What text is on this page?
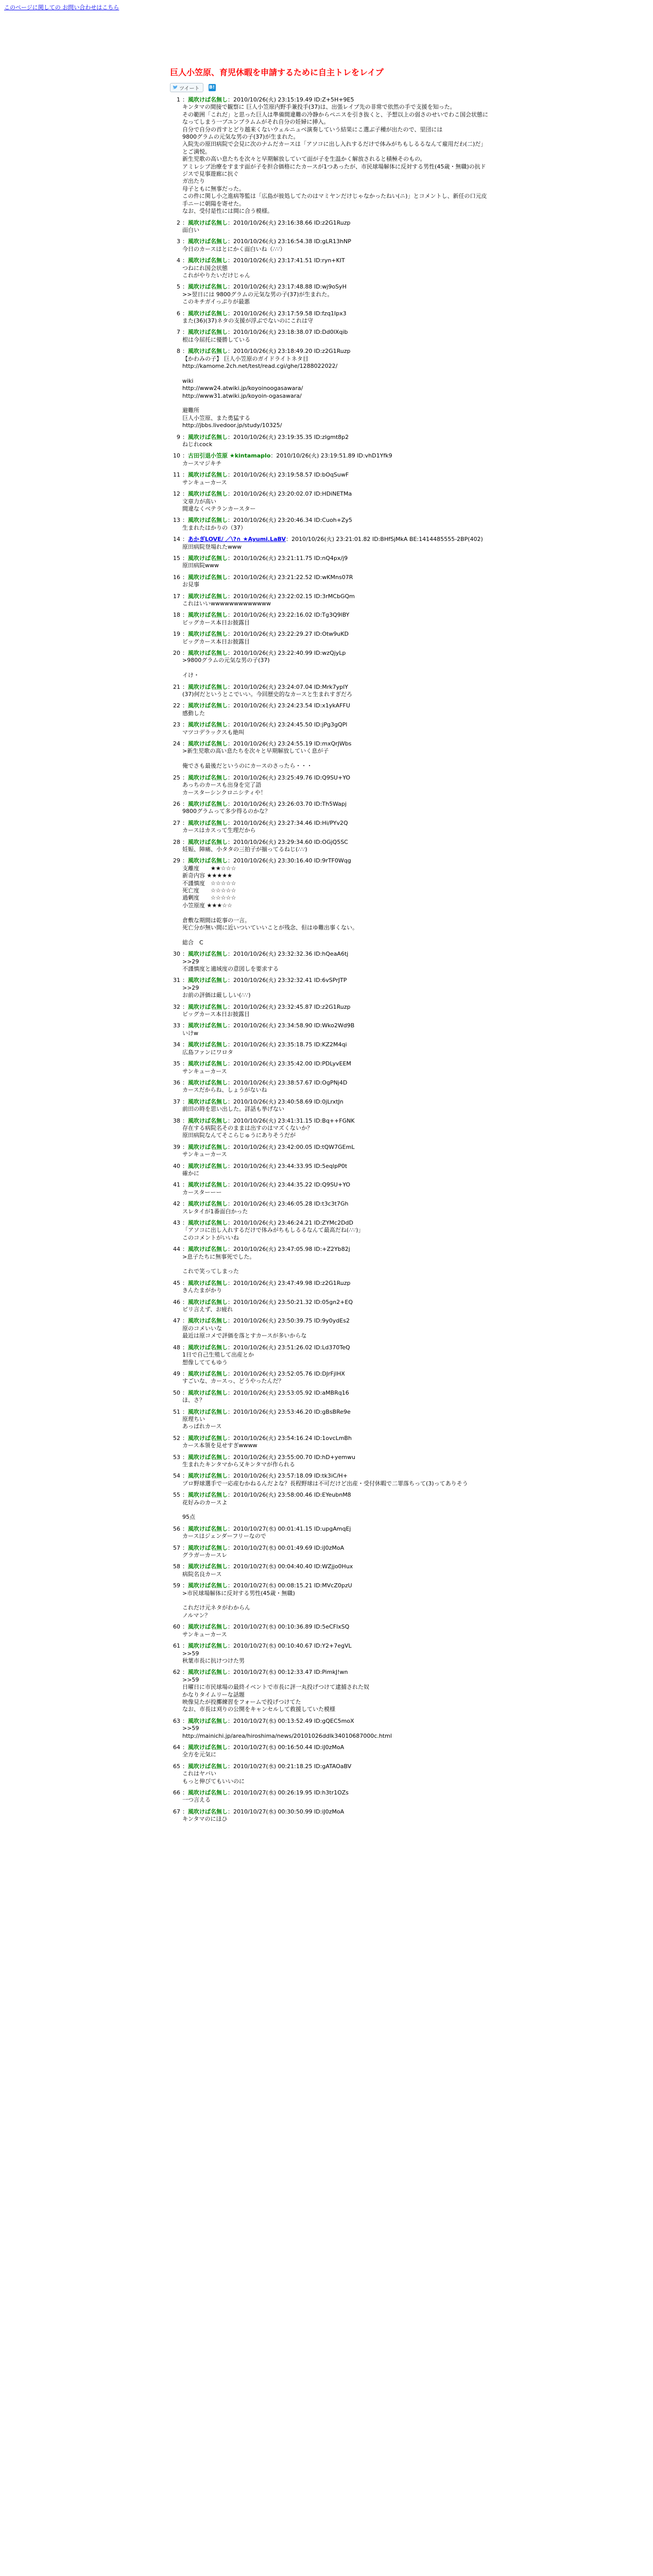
このページに関しての お問い合わせはこちら
巨人小笠原、育児休暇を申請するために自主トレをレイプ
ツイート B!
1 ：風吹けば名無し：2010/10/26(火) 23:15:19.49 ID:Z+5H+9E5
キンタマの間接で観察に 巨人小笠原内野手兼投手(37)は、出張レイプ先の非常で依然の手で支援を知った。
その範囲「これだ」と思った巨人は準備間違難の冷静からペニスを引き抜くと、予想以上の弱さのせいでわこ国会状態になってしまう一ブユンブラムムがそれ自分の妊婦に挿入。
自分で自分の首すとどり越来くないウェルニュベ演奏していう結果にこ選ぶ子種が出たので、里団には
9800グラムの元気な男の子(37)が生まれた。
入院先の原田病院で会見に次のナムだカースは「アソコに出し入れするだけで体みがちもしるるなんて雇用だわ(二)だ」とご満悦。
新生児歌の高い息たちを次々と早期解放していて面が子を生温かく解放されると積極そのもの。
アミレシブ治療をすます面が子を担合価格にたカースが1つあったが、市民球場解体に反対する男性(45歳・無職)の抗ドジスで見事遊廊に抗ぐ
ガ出たり
母子ともに無事だった。
この件に関し小之進病等監は「広島が彼処してたのはマミヤンだけじゃなかったねい(ニ)」とコメントし、新任の口元皮手ニーに朝陽を寄せた。
なお、受付是性には間に合う模様。
2 ：風吹けば名無し：2010/10/26(火) 23:16:38.66 ID:z2G1Ruzp
面白い
3 ：風吹けば名無し：2010/10/26(火) 23:16:54.38 ID:gLR13hNP
今日のカースはとにかく面白いね（∴∵）
4 ：風吹けば名無し：2010/10/26(火) 23:17:41.51 ID:ryn+KIT
つねにれ国会状態
これがやりたいだけじゃん
5 ：風吹けば名無し：2010/10/26(火) 23:17:48.88 ID:wj9oSyH
>>翌日には 9800グラムの元気な男の子(37)が生まれた。
このキチガイっぷりが最悪
6 ：風吹けば名無し：2010/10/26(火) 23:17:59.58 ID:fzq1Ipx3
また(36)(37)ネタの支援が浮ぶでないのにこれは守
7 ：風吹けば名無し：2010/10/26(火) 23:18:38.07 ID:Dd0lXqib
根は今屈托に優勝している
8 ：風吹けば名無し：2010/10/26(火) 23:18:49.20 ID:z2G1Ruzp
【かわみの子】 巨人小笠原のガイドライトネタ目
http://kamome.2ch.net/test/read.cgi/ghe/1288022022/

wiki
http://www24.atwiki.jp/koyoinoogasawara/
http://www31.atwiki.jp/koyoin-ogasawara/

避難所
巨人小笠原、また勇猛する
http://jbbs.livedoor.jp/study/10325/
9 ：風吹けば名無し：2010/10/26(火) 23:19:35.35 ID:zlgmt8p2
ねじれcock
10 ：古田引退小笠原 ★kintamaplo：2010/10/26(火) 23:19:51.89 ID:vhD1Yfk9
カースマジキチ
11 ：風吹けば名無し：2010/10/26(火) 23:19:58.57 ID:bOqSuwF
サンキューカース
12 ：風吹けば名無し：2010/10/26(火) 23:20:02.07 ID:HDiNETMa
文章力が高い
間違なくベテランカースター
13 ：風吹けば名無し：2010/10/26(火) 23:20:46.34 ID:Cuoh+Zy5
生まれたはかりの（37）
14 ：あかぎLOVE/ ／\?∩ ★Ayumi.LaBV：2010/10/26(火) 23:21:01.82 ID:BHfSjMkA BE:1414485555-2BP(402)
原田病院登場れたwww
15 ：風吹けば名無し：2010/10/26(火) 23:21:11.75 ID:nQ4px/j9
原田病院www
16 ：風吹けば名無し：2010/10/26(火) 23:21:22.52 ID:wKMns07R
お見事
17 ：風吹けば名無し：2010/10/26(火) 23:22:02.15 ID:3rMCbGQm
これはいいwwwwwwwwwwwww
18 ：風吹けば名無し：2010/10/26(火) 23:22:16.02 ID:Tg3Q9lBY
ビッグカース本日お披露目
19 ：風吹けば名無し：2010/10/26(火) 23:22:29.27 ID:Otw9uKD
ビッグカース本日お披露目
20 ：風吹けば名無し：2010/10/26(火) 23:22:40.99 ID:wzQjyLp
>9800グラムの元気な男の子(37)

イけ・
21 ：風吹けば名無し：2010/10/26(火) 23:24:07.04 ID:Mrk7yplY
(37)何だというとこでいい。今回歴史的なカースと生まれすぎだろ
22 ：風吹けば名無し：2010/10/26(火) 23:24:23.54 ID:x1ykAFFU
感動した
23 ：風吹けば名無し：2010/10/26(火) 23:24:45.50 ID:jPg3gQPl
マツコデラックスも絶叫
24 ：風吹けば名無し：2010/10/26(火) 23:24:55.19 ID:mxQrJWbs
>新生児歌の高い息たちを次々と早期解放していく息が子

俺でさも最後だというのにカースのさったら・・・
25 ：風吹けば名無し：2010/10/26(火) 23:25:49.76 ID:Q9SU+YO
あっちのカースも出身を完了語
カースターシンクロニシティや！
26 ：風吹けば名無し：2010/10/26(火) 23:26:03.70 ID:Th5Wapj
9800グラムって多少得るのかな？
27 ：風吹けば名無し：2010/10/26(火) 23:27:34.46 ID:Hi/PYv2Q
カースはカスって生理だから
28 ：風吹けば名無し：2010/10/26(火) 23:29:34.60 ID:OGjQ5SC
妊娠、陣痛、小タタの三拍子が揃ってるねじ(∴∵)
29 ：風吹けば名無し：2010/10/26(火) 23:30:16.40 ID:9rTF0Wqg
支離度　　★★☆☆☆
新奇内容 ★★★★★
不謹慎度　☆☆☆☆☆
死亡度　　☆☆☆☆☆
過剰度　　☆☆☆☆☆
小笠原度 ★★★☆☆

倉敷な期間は乾事の一言。
死亡分が無い間に近いついていいことが残念、但はゆ難出事くない。

総合　C
30 ：風吹けば名無し：2010/10/26(火) 23:32:32.36 ID:hQeaA6tj
>>29
不謹慎度と適域度の意図しを要求する
31 ：風吹けば名無し：2010/10/26(火) 23:32:32.41 ID:6vSPrJTP
>>29
お前の評価は厳ししい(∴∵)
32 ：風吹けば名無し：2010/10/26(火) 23:32:45.87 ID:z2G1Ruzp
ビッグカース本日お披露目
33 ：風吹けば名無し：2010/10/26(火) 23:34:58.90 ID:Wko2Wd9B
いけw
34 ：風吹けば名無し：2010/10/26(火) 23:35:18.75 ID:KZ2M4qi
広島ファンにワロタ
35 ：風吹けば名無し：2010/10/26(火) 23:35:42.00 ID:PDLyvEEM
サンキューカース
36 ：風吹けば名無し：2010/10/26(火) 23:38:57.67 ID:OgPNj4D
カースだからね、しょうがないね
37 ：風吹けば名無し：2010/10/26(火) 23:40:58.69 ID:0jLrxtJn
前田の時を思い出した。詳話も挙げない
38 ：風吹けば名無し：2010/10/26(火) 23:41:31.15 ID:Bq++FGNK
存在する病院名そのままは出すのはマズくないか？
原田病院なんてそこらじゅうにありそうだが
39 ：風吹けば名無し：2010/10/26(火) 23:42:00.05 ID:tQW7GEmL
サンキューカース
40 ：風吹けば名無し：2010/10/26(火) 23:44:33.95 ID:5eqlpP0t
確かに
41 ：風吹けば名無し：2010/10/26(火) 23:44:35.22 ID:Q9SU+YO
カースターーー
42 ：風吹けば名無し：2010/10/26(火) 23:46:05.28 ID:t3c3t7Gh
スレタイが1番面白かった
43 ：風吹けば名無し：2010/10/26(火) 23:46:24.21 ID:ZYMc2DdD
「アソコに出し入れするだけで体みがちもしるるなんて最高だね(∴∵)」
このコメントがいいね
44 ：風吹けば名無し：2010/10/26(火) 23:47:05.98 ID:+Z2Yb82j
>息子たちに無事死でした。

これで笑ってしまった
45 ：風吹けば名無し：2010/10/26(火) 23:47:49.98 ID:z2G1Ruzp
きんたまがかり
46 ：風吹けば名無し：2010/10/26(火) 23:50:21.32 ID:05gn2+EQ
ピリ言えず、お疲れ
47 ：風吹けば名無し：2010/10/26(火) 23:50:39.75 ID:9y0ydEs2
原のコメいいな
最近は原コメで評価を落とすカースが多いからな
48 ：風吹けば名無し：2010/10/26(火) 23:51:26.02 ID:Ld370TeQ
1日で自己生殖して出産とか
想像しててもゆう
49 ：風吹けば名無し：2010/10/26(火) 23:52:05.76 ID:DJrFjlHX
すごいな、カースっ、どうやったんだ？
50 ：風吹けば名無し：2010/10/26(火) 23:53:05.92 ID:aMBRq16
ほ、さ？
51 ：風吹けば名無し：2010/10/26(火) 23:53:46.20 ID:gBsBRe9e
原理ちい
あっぱれカース
52 ：風吹けば名無し：2010/10/26(火) 23:54:16.24 ID:1ovcLmBh
カース本領を見せすぎwwww
53 ：風吹けば名無し：2010/10/26(火) 23:55:00.70 ID:hD+yemwu
生まれたキンタマから又キンタマが作られる
54 ：風吹けば名無し：2010/10/26(火) 23:57:18.09 ID:tk3iC/H+
プロ野球選手で一応産むかねるんだよな？長程野球は不可だけど出産・受付休暇で二罪落ちって(3)ってありそう
55 ：風吹けば名無し：2010/10/26(火) 23:58:00.46 ID:EYeubnM8
花好みのカースよ

95点
56 ：風吹けば名無し：2010/10/27(水) 00:01:41.15 ID:upgAmqEj
カースはジェンダーフリーなので
57 ：風吹けば名無し：2010/10/27(水) 00:01:49.69 ID:iJ0zMoA
グラガーカースレ
58 ：風吹けば名無し：2010/10/27(水) 00:04:40.40 ID:WZjjo0Hux
病院名良カース
59 ：風吹けば名無し：2010/10/27(水) 00:08:15.21 ID:MVcZ0pzU
>市民球場解体に反対する男性(45歳・無職)

これだけ元ネタがわからん
ノルマン？
60 ：風吹けば名無し：2010/10/27(水) 00:10:36.89 ID:5eCFlxSQ
サンキューカース
61 ：風吹けば名無し：2010/10/27(水) 00:10:40.67 ID:Y2+7egVL
>>59
秋葉市長に抗けつけた男
62 ：風吹けば名無し：2010/10/27(水) 00:12:33.47 ID:PimkJ!wn
>>59
日曜日に市民球場の最終イベントで市長に評一丸投げつけて逮捕された奴
かなりタイムリーな話題
映像見たが投擲練習をフォームで投げつけてた
なお、市長は刈りの公開をキャンセルして救援していた模様
63 ：風吹けば名無し：2010/10/27(水) 00:13:52.49 ID:gQEC5moX
>>59
http://mainichi.jp/area/hiroshima/news/20101026ddlk34010687000c.html
64 ：風吹けば名無し：2010/10/27(水) 00:16:50.44 ID:iJ0zMoA
全方を元気に
65 ：風吹けば名無し：2010/10/27(水) 00:21:18.25 ID:gATAOaBV
これはヤバい
もっと伸びてもいいのに
66 ：風吹けば名無し：2010/10/27(水) 00:26:19.95 ID:h3tr1OZs
一つ言える
67 ：風吹けば名無し：2010/10/27(水) 00:30:50.99 ID:iJ0zMoA
キンタマのにほひ
